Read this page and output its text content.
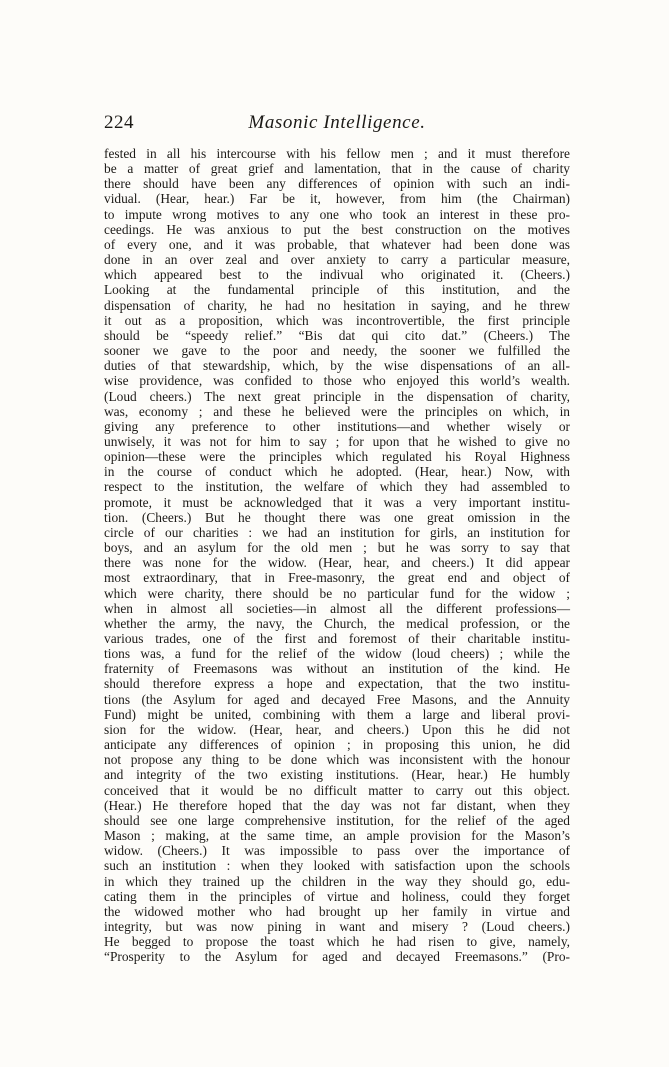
224	Masonic Intelligence.
fested in all his intercourse with his fellow men ; and it must therefore
be a matter of great grief and lamentation, that in the cause of charity
there should have been any differences of opinion with such an indi-
vidual. (Hear, hear.) Far be it, however, from him (the Chairman)
to impute wrong motives to any one who took an interest in these pro-
ceedings. He was anxious to put the best construction on the motives
of every one, and it was probable, that whatever had been done was
done in an over zeal and over anxiety to carry a particular measure,
which appeared best to the indivual who originated it. (Cheers.)
Looking at the fundamental principle of this institution, and the
dispensation of charity, he had no hesitation in saying, and he threw
it out as a proposition, which was incontrovertible, the first principle
should be “speedy relief.” “Bis dat qui cito dat.” (Cheers.) The
sooner we gave to the poor and needy, the sooner we fulfilled the
duties of that stewardship, which, by the wise dispensations of an all-
wise providence, was confided to those who enjoyed this world’s wealth.
(Loud cheers.) The next great principle in the dispensation of charity,
was, economy ; and these he believed were the principles on which, in
giving any preference to other institutions—and whether wisely or
unwisely, it was not for him to say ; for upon that he wished to give no
opinion—these were the principles which regulated his Royal Highness
in the course of conduct which he adopted. (Hear, hear.) Now, with
respect to the institution, the welfare of which they had assembled to
promote, it must be acknowledged that it was a very important institu-
tion. (Cheers.) But he thought there was one great omission in the
circle of our charities : we had an institution for girls, an institution for
boys, and an asylum for the old men ; but he was sorry to say that
there was none for the widow. (Hear, hear, and cheers.) It did appear
most extraordinary, that in Free-masonry, the great end and object of
which were charity, there should be no particular fund for the widow ;
when in almost all societies—in almost all the different professions—
whether the army, the navy, the Church, the medical profession, or the
various trades, one of the first and foremost of their charitable institu-
tions was, a fund for the relief of the widow (loud cheers) ; while the
fraternity of Freemasons was without an institution of the kind. He
should therefore express a hope and expectation, that the two institu-
tions (the Asylum for aged and decayed Free Masons, and the Annuity
Fund) might be united, combining with them a large and liberal provi-
sion for the widow. (Hear, hear, and cheers.) Upon this he did not
anticipate any differences of opinion ; in proposing this union, he did
not propose any thing to be done which was inconsistent with the honour
and integrity of the two existing institutions. (Hear, hear.) He humbly
conceived that it would be no difficult matter to carry out this object.
(Hear.) He therefore hoped that the day was not far distant, when they
should see one large comprehensive institution, for the relief of the aged
Mason ; making, at the same time, an ample provision for the Mason’s
widow. (Cheers.) It was impossible to pass over the importance of
such an institution : when they looked with satisfaction upon the schools
in which they trained up the children in the way they should go, edu-
cating them in the principles of virtue and holiness, could they forget
the widowed mother who had brought up her family in virtue and
integrity, but was now pining in want and misery ? (Loud cheers.)
He begged to propose the toast which he had risen to give, namely,
“Prosperity to the Asylum for aged and decayed Freemasons.” (Pro-
